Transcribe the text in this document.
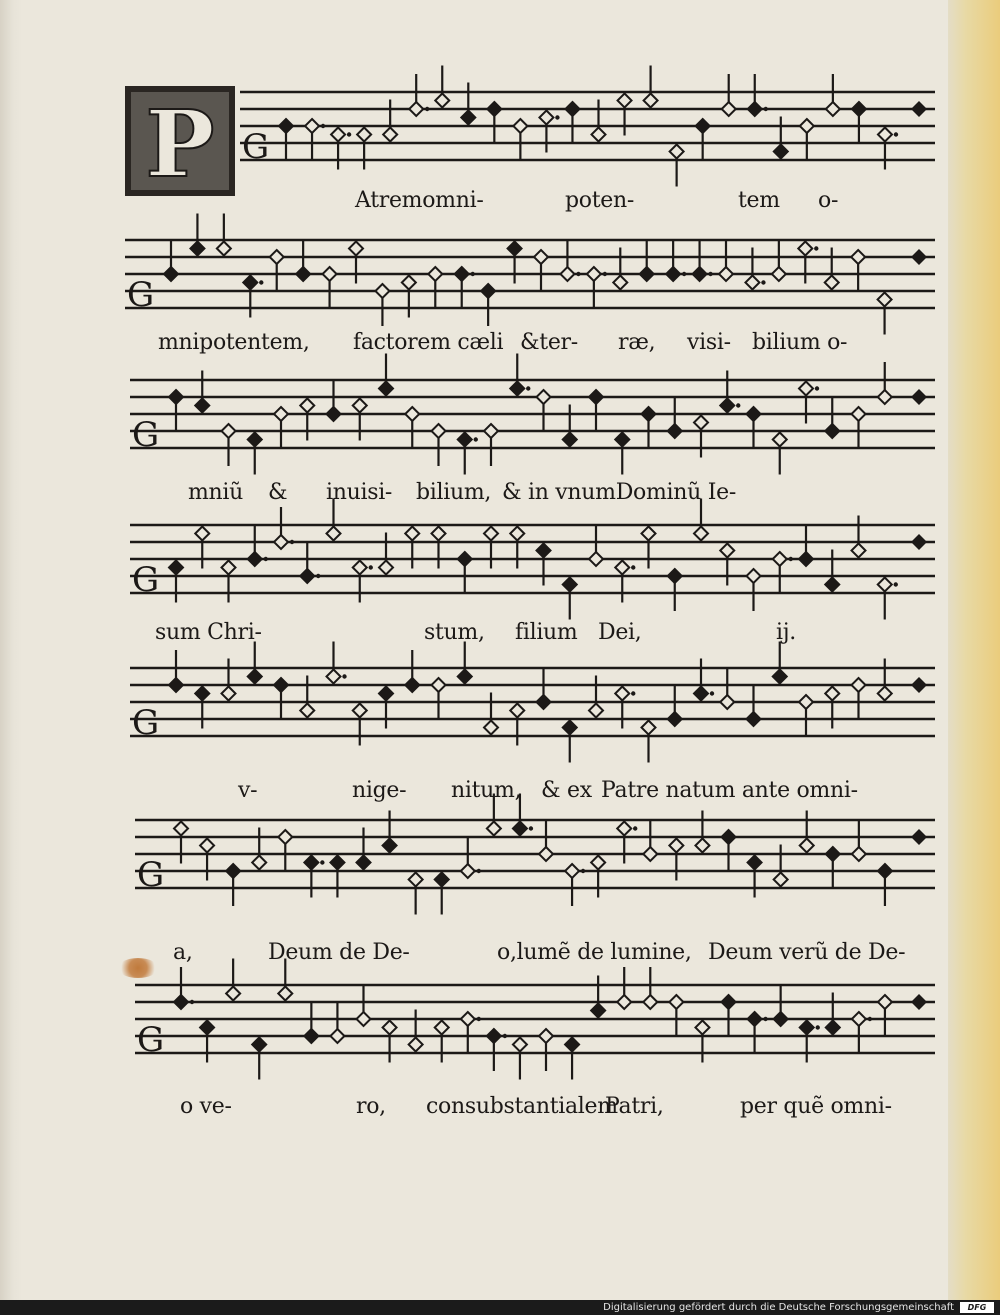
G
G
G
G
G
G
G
P
Atremomni-	poten-	tem o-
mnipotentem, factorem cæli &ter- ræ, visi- bilium o-
mniũ & inuisi- bilium, & in vnumDominũ Ie-
sum Chri-	stum, filium Dei,	ij.
v-	nige- nitum, & ex Patre natum ante omni-
a,	Deum de De-	o,lumẽ de lumine, Deum verũ de De-
o ve-	ro, consubstantialem
Patri,	per quẽ omni-
Digitalisierung gefördert durch die Deutsche Forschungsgemeinschaft	DFG
